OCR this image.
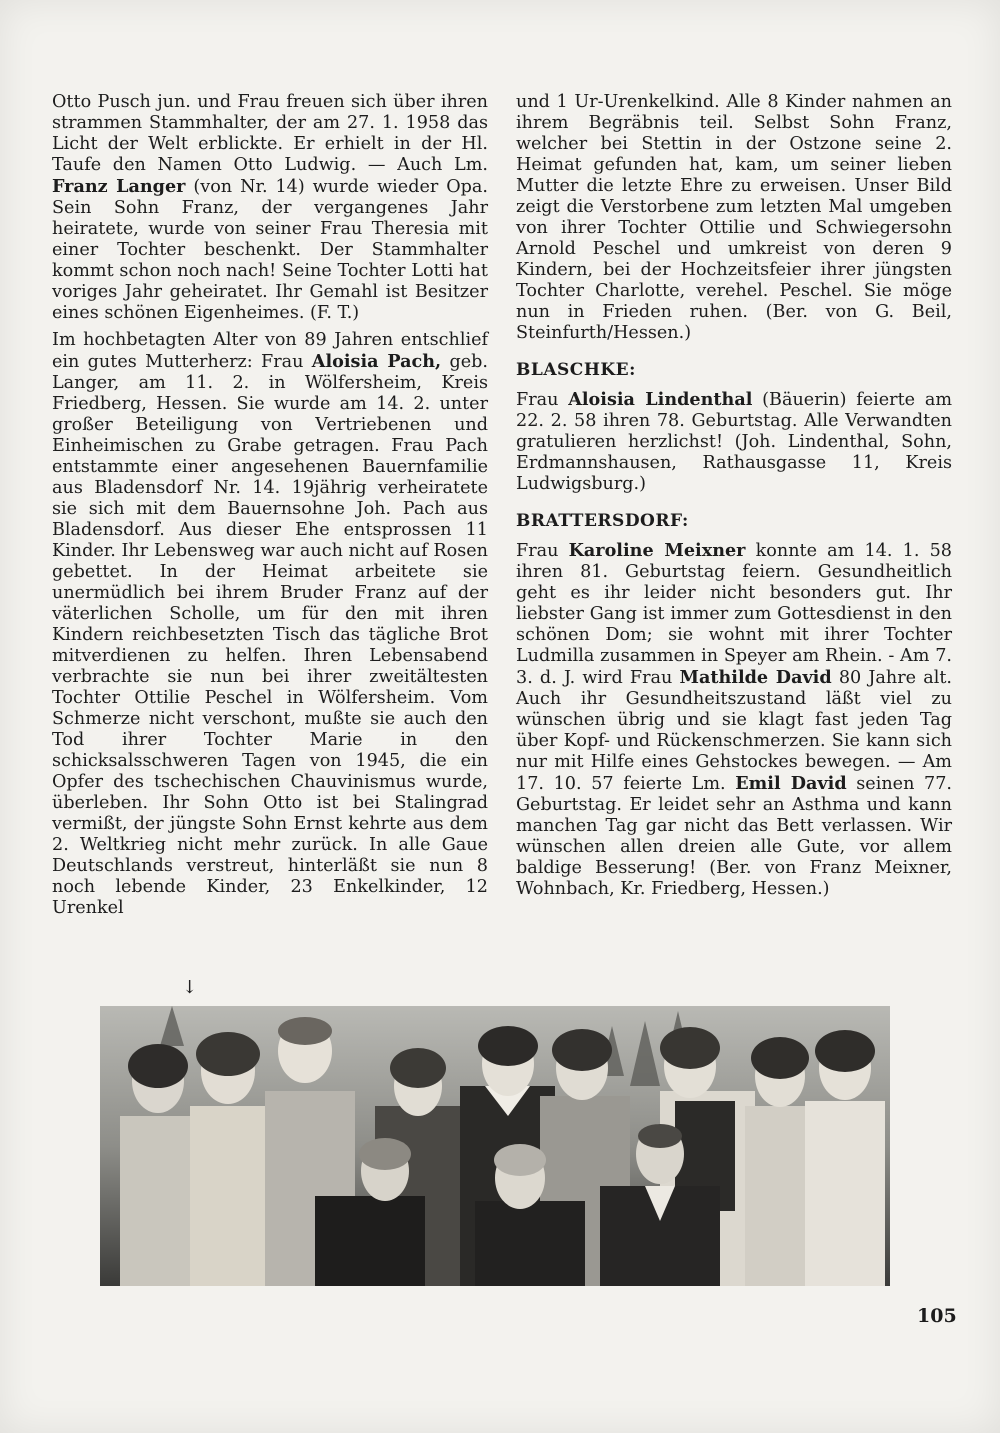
Otto Pusch jun. und Frau freuen sich über ihren strammen Stammhalter, der am 27. 1. 1958 das Licht der Welt erblickte. Er erhielt in der Hl. Taufe den Namen Otto Ludwig. — Auch Lm. Franz Langer (von Nr. 14) wurde wieder Opa. Sein Sohn Franz, der vergangenes Jahr heiratete, wurde von seiner Frau Theresia mit einer Tochter beschenkt. Der Stammhalter kommt schon noch nach! Seine Tochter Lotti hat voriges Jahr geheiratet. Ihr Gemahl ist Besitzer eines schönen Eigenheimes. (F. T.)

Im hochbetagten Alter von 89 Jahren entschlief ein gutes Mutterherz: Frau Aloisia Pach, geb. Langer, am 11. 2. in Wölfersheim, Kreis Friedberg, Hessen. Sie wurde am 14. 2. unter großer Beteiligung von Vertriebenen und Einheimischen zu Grabe getragen. Frau Pach entstammte einer angesehenen Bauernfamilie aus Bladensdorf Nr. 14. 19jährig verheiratete sie sich mit dem Bauernsohne Joh. Pach aus Bladensdorf. Aus dieser Ehe entsprossen 11 Kinder. Ihr Lebensweg war auch nicht auf Rosen gebettet. In der Heimat arbeitete sie unermüdlich bei ihrem Bruder Franz auf der väterlichen Scholle, um für den mit ihren Kindern reichbesetzten Tisch das tägliche Brot mitverdienen zu helfen. Ihren Lebensabend verbrachte sie nun bei ihrer zweitältesten Tochter Ottilie Peschel in Wölfersheim. Vom Schmerze nicht verschont, mußte sie auch den Tod ihrer Tochter Marie in den schicksalsschweren Tagen von 1945, die ein Opfer des tschechischen Chauvinismus wurde, überleben. Ihr Sohn Otto ist bei Stalingrad vermißt, der jüngste Sohn Ernst kehrte aus dem 2. Weltkrieg nicht mehr zurück. In alle Gaue Deutschlands verstreut, hinterläßt sie nun 8 noch lebende Kinder, 23 Enkelkinder, 12 Urenkel

und 1 Ur-Urenkelkind. Alle 8 Kinder nahmen an ihrem Begräbnis teil. Selbst Sohn Franz, welcher bei Stettin in der Ostzone seine 2. Heimat gefunden hat, kam, um seiner lieben Mutter die letzte Ehre zu erweisen. Unser Bild zeigt die Verstorbene zum letzten Mal umgeben von ihrer Tochter Ottilie und Schwiegersohn Arnold Peschel und umkreist von deren 9 Kindern, bei der Hochzeitsfeier ihrer jüngsten Tochter Charlotte, verehel. Peschel. Sie möge nun in Frieden ruhen. (Ber. von G. Beil, Steinfurth/Hessen.)

BLASCHKE:

Frau Aloisia Lindenthal (Bäuerin) feierte am 22. 2. 58 ihren 78. Geburtstag. Alle Verwandten gratulieren herzlichst! (Joh. Lindenthal, Sohn, Erdmannshausen, Rathausgasse 11, Kreis Ludwigsburg.)

BRATTERSDORF:

Frau Karoline Meixner konnte am 14. 1. 58 ihren 81. Geburtstag feiern. Gesundheitlich geht es ihr leider nicht besonders gut. Ihr liebster Gang ist immer zum Gottesdienst in den schönen Dom; sie wohnt mit ihrer Tochter Ludmilla zusammen in Speyer am Rhein. - Am 7. 3. d. J. wird Frau Mathilde David 80 Jahre alt. Auch ihr Gesundheitszustand läßt viel zu wünschen übrig und sie klagt fast jeden Tag über Kopf- und Rückenschmerzen. Sie kann sich nur mit Hilfe eines Gehstockes bewegen. — Am 17. 10. 57 feierte Lm. Emil David seinen 77. Geburtstag. Er leidet sehr an Asthma und kann manchen Tag gar nicht das Bett verlassen. Wir wünschen allen dreien alle Gute, vor allem baldige Besserung! (Ber. von Franz Meixner, Wohnbach, Kr. Friedberg, Hessen.)

↓
105
